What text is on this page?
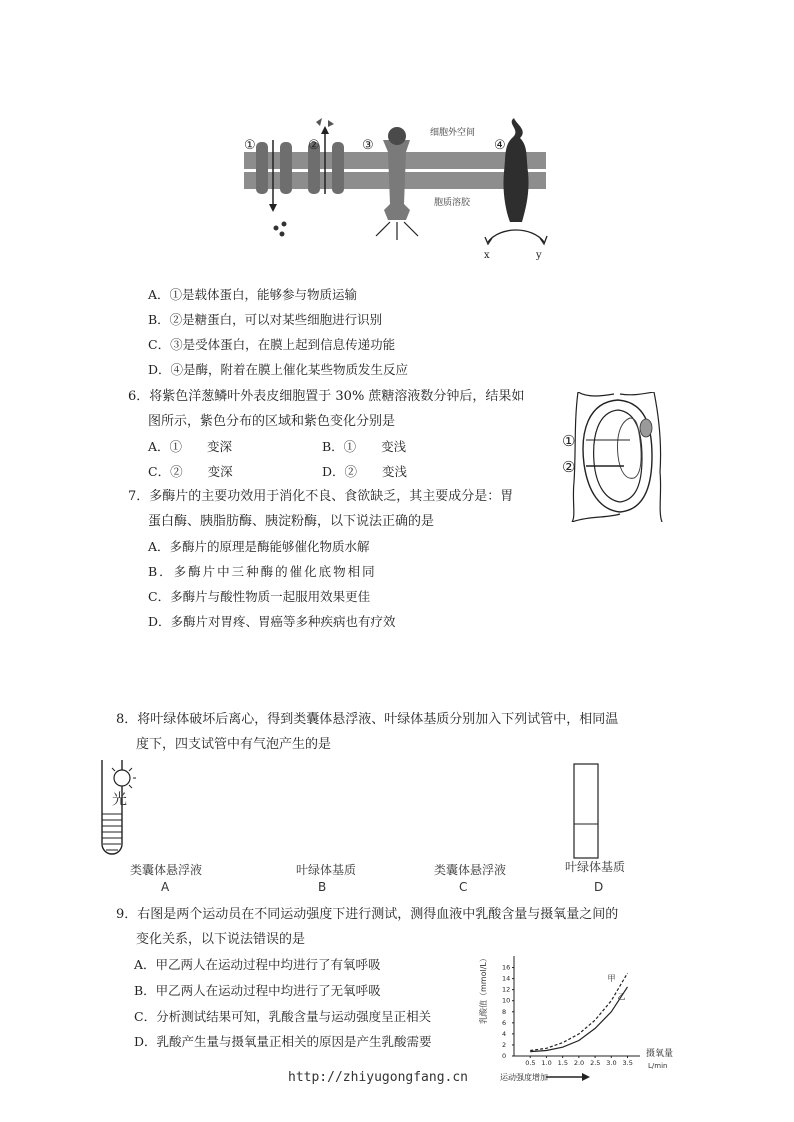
①	②	③	④
细胞外空间
胞质溶胶
x	y
A．①是载体蛋白，能够参与物质运输
B．②是糖蛋白，可以对某些细胞进行识别
C．③是受体蛋白，在膜上起到信息传递功能
D．④是酶，附着在膜上催化某些物质发生反应
6．将紫色洋葱鳞叶外表皮细胞置于 30% 蔗糖溶液数分钟后，结果如
图所示，紫色分布的区域和紫色变化分别是
A．①　　变深	B．①　　变浅
C．②　　变深	D．②　　变浅
①
②
7．多酶片的主要功效用于消化不良、食欲缺乏，其主要成分是：胃
蛋白酶、胰脂肪酶、胰淀粉酶，以下说法正确的是
A．多酶片的原理是酶能够催化物质水解
B．多酶片中三种酶的催化底物相同
C．多酶片与酸性物质一起服用效果更佳
D．多酶片对胃疼、胃癌等多种疾病也有疗效
8．将叶绿体破坏后离心，得到类囊体悬浮液、叶绿体基质分别加入下列试管中，相同温
度下，四支试管中有气泡产生的是
光
类囊体悬浮液
A
叶绿体基质
B
类囊体悬浮液
C
叶绿体基质
D
9．右图是两个运动员在不同运动强度下进行测试，测得血液中乳酸含量与摄氧量之间的
变化关系，以下说法错误的是
A．甲乙两人在运动过程中均进行了有氧呼吸
B．甲乙两人在运动过程中均进行了无氧呼吸
C．分析测试结果可知，乳酸含量与运动强度呈正相关
D．乳酸产生量与摄氧量正相关的原因是产生乳酸需要
0.5 1.0 1.5 2.0 2.5 3.0 3.5
0
2
4
6
8
10
12
14
16
甲
乙
乳酸值（mmol/L）
摄氧量
L/min
运动强度增加
http://zhiyugongfang.cn
